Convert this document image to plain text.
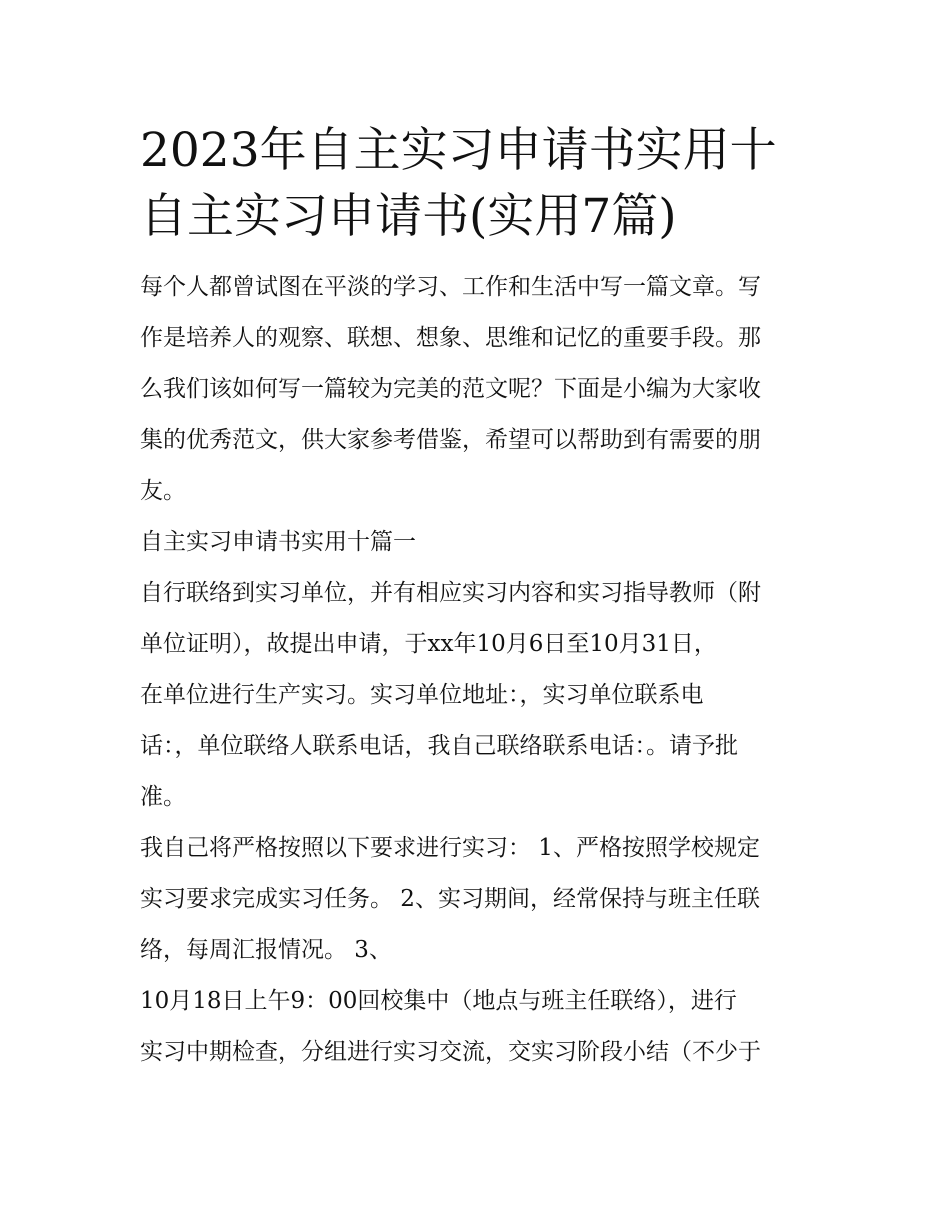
2023年自主实习申请书实用十
自主实习申请书(实用7篇)

每个人都曾试图在平淡的学习、工作和生活中写一篇文章。写
作是培养人的观察、联想、想象、思维和记忆的重要手段。那
么我们该如何写一篇较为完美的范文呢？下面是小编为大家收
集的优秀范文，供大家参考借鉴，希望可以帮助到有需要的朋
友。

自主实习申请书实用十篇一

自行联络到实习单位，并有相应实习内容和实习指导教师（附
单位证明），故提出申请，于xx年10月6日至10月31日，
在单位进行生产实习。实习单位地址：，实习单位联系电
话：，单位联络人联系电话，我自己联络联系电话：。请予批
准。

我自己将严格按照以下要求进行实习： 1、严格按照学校规定
实习要求完成实习任务。 2、实习期间，经常保持与班主任联
络，每周汇报情况。 3、

10月18日上午9：00回校集中（地点与班主任联络），进行
实习中期检查，分组进行实习交流，交实习阶段小结（不少于
